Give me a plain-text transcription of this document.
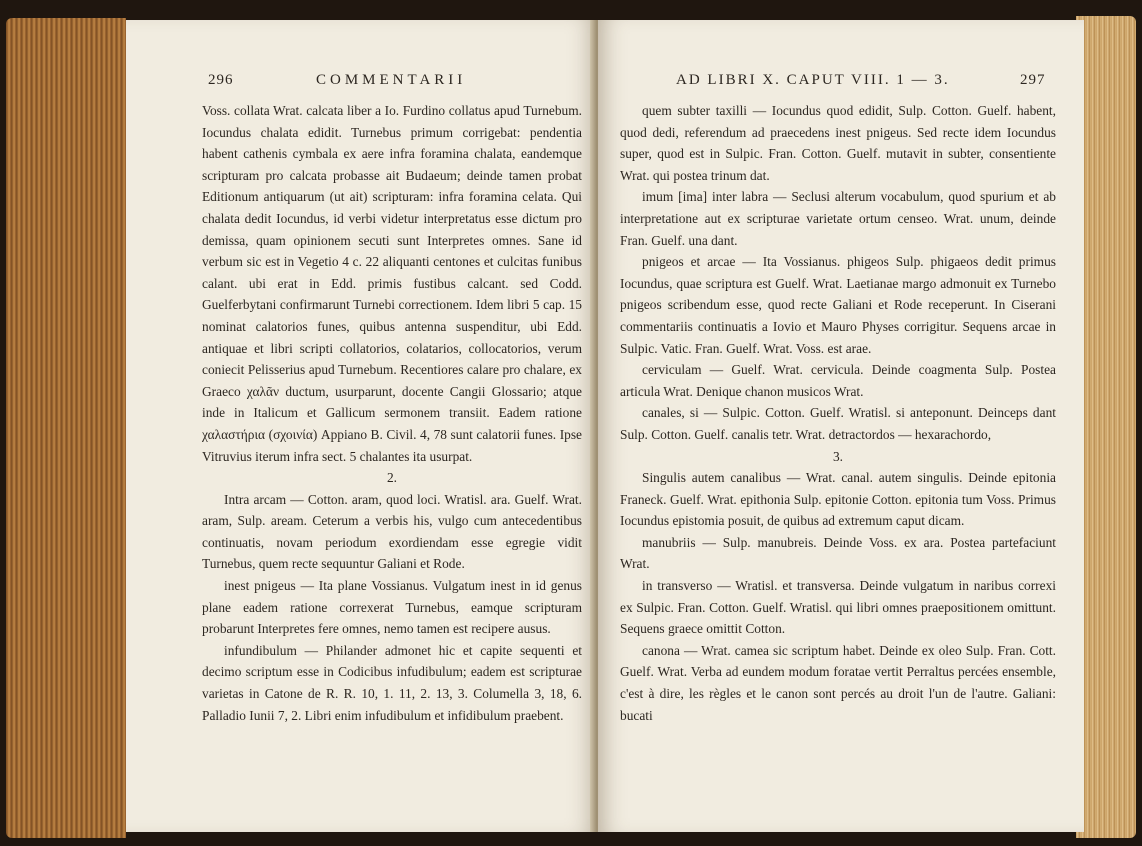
296	COMMENTARII

Voss. collata Wrat. calcata liber a Io. Furdino collatus apud Turnebum. Iocundus chalata edidit. Turnebus primum corrigebat: pendentia habent cathenis cymbala ex aere infra foramina chalata, eandemque scripturam pro calcata probasse ait Budaeum; deinde tamen probat Editionum antiquarum (ut ait) scripturam: infra foramina celata. Qui chalata dedit Iocundus, id verbi videtur interpretatus esse dictum pro demissa, quam opinionem secuti sunt Interpretes omnes. Sane id verbum sic est in Vegetio 4 c. 22 aliquanti centones et culcitas funibus calant. ubi erat in Edd. primis fustibus calcant. sed Codd. Guelferbytani confirmarunt Turnebi correctionem. Idem libri 5 cap. 15 nominat calatorios funes, quibus antenna suspenditur, ubi Edd. antiquae et libri scripti collatorios, colatarios, collocatorios, verum coniecit Pelisserius apud Turnebum. Recentiores calare pro chalare, ex Graeco χαλᾶν ductum, usurparunt, docente Cangii Glossario; atque inde in Italicum et Gallicum sermonem transiit. Eadem ratione χαλαστήρια (σχοινία) Appiano B. Civil. 4, 78 sunt calatorii funes. Ipse Vitruvius iterum infra sect. 5 chalantes ita usurpat.

2.

Intra arcam — Cotton. aram, quod loci. Wratisl. ara. Guelf. Wrat. aram, Sulp. aream. Ceterum a verbis his, vulgo cum antecedentibus continuatis, novam periodum exordiendam esse egregie vidit Turnebus, quem recte sequuntur Galiani et Rode.

inest pnigeus — Ita plane Vossianus. Vulgatum inest in id genus plane eadem ratione correxerat Turnebus, eamque scripturam probarunt Interpretes fere omnes, nemo tamen est recipere ausus.

infundibulum — Philander admonet hic et capite sequenti et decimo scriptum esse in Codicibus infudibulum; eadem est scripturae varietas in Catone de R. R. 10, 1. 11, 2. 13, 3. Columella 3, 18, 6. Palladio Iunii 7, 2. Libri enim infudibulum et infidibulum praebent.

AD LIBRI X. CAPUT VIII. 1 — 3.	297

quem subter taxilli — Iocundus quod edidit, Sulp. Cotton. Guelf. habent, quod dedi, referendum ad praecedens inest pnigeus. Sed recte idem Iocundus super, quod est in Sulpic. Fran. Cotton. Guelf. mutavit in subter, consentiente Wrat. qui postea trinum dat.

imum [ima] inter labra — Seclusi alterum vocabulum, quod spurium et ab interpretatione aut ex scripturae varietate ortum censeo. Wrat. unum, deinde Fran. Guelf. una dant.

pnigeos et arcae — Ita Vossianus. phigeos Sulp. phigaeos dedit primus Iocundus, quae scriptura est Guelf. Wrat. Laetianae margo admonuit ex Turnebo pnigeos scribendum esse, quod recte Galiani et Rode receperunt. In Ciserani commentariis continuatis a Iovio et Mauro Physes corrigitur. Sequens arcae in Sulpic. Vatic. Fran. Guelf. Wrat. Voss. est arae.

cerviculam — Guelf. Wrat. cervicula. Deinde coagmenta Sulp. Postea articula Wrat. Denique chanon musicos Wrat.

canales, si — Sulpic. Cotton. Guelf. Wratisl. si anteponunt. Deinceps dant Sulp. Cotton. Guelf. canalis tetr. Wrat. detractordos — hexarachordo,

3.

Singulis autem canalibus — Wrat. canal. autem singulis. Deinde epitonia Franeck. Guelf. Wrat. epithonia Sulp. epitonie Cotton. epitonia tum Voss. Primus Iocundus epistomia posuit, de quibus ad extremum caput dicam.

manubriis — Sulp. manubreis. Deinde Voss. ex ara. Postea partefaciunt Wrat.

in transverso — Wratisl. et transversa. Deinde vulgatum in naribus correxi ex Sulpic. Fran. Cotton. Guelf. Wratisl. qui libri omnes praepositionem omittunt. Sequens graece omittit Cotton.

canona — Wrat. camea sic scriptum habet. Deinde ex oleo Sulp. Fran. Cott. Guelf. Wrat. Verba ad eundem modum foratae vertit Perraltus percées ensemble, c'est à dire, les règles et le canon sont percés au droit l'un de l'autre. Galiani: bucati
